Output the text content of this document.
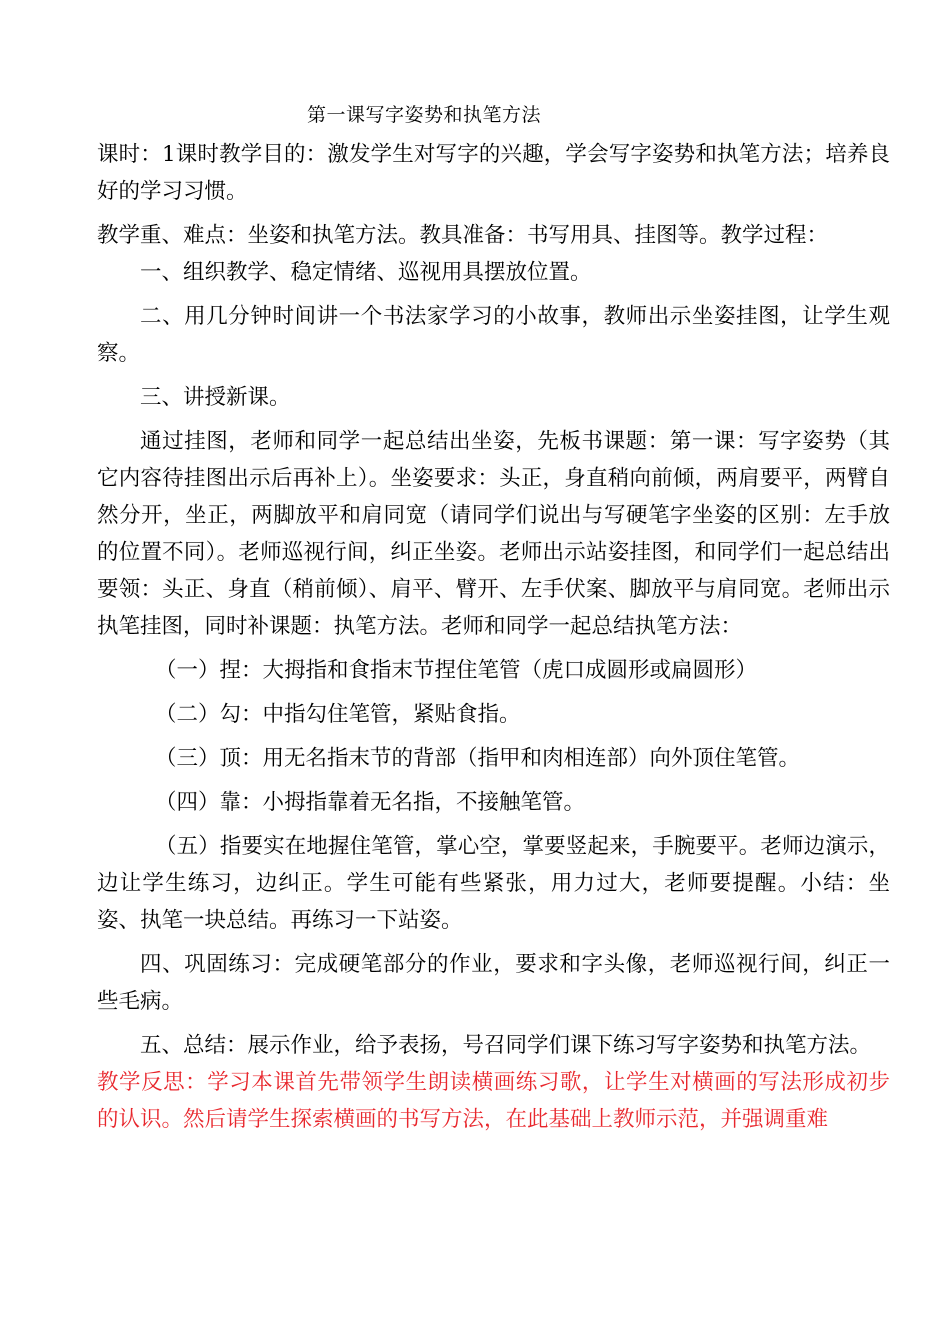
第一课写字姿势和执笔方法

课时：1课时教学目的：激发学生对写字的兴趣，学会写字姿势和执笔方法；培养良好的学习习惯。

教学重、难点：坐姿和执笔方法。教具准备：书写用具、挂图等。教学过程：

一、组织教学、稳定情绪、巡视用具摆放位置。

二、用几分钟时间讲一个书法家学习的小故事，教师出示坐姿挂图，让学生观察。

三、讲授新课。

通过挂图，老师和同学一起总结出坐姿，先板书课题：第一课：写字姿势（其它内容待挂图出示后再补上）。坐姿要求：头正，身直稍向前倾，两肩要平，两臂自然分开，坐正，两脚放平和肩同宽（请同学们说出与写硬笔字坐姿的区别：左手放的位置不同）。老师巡视行间，纠正坐姿。老师出示站姿挂图，和同学们一起总结出要领：头正、身直（稍前倾）、肩平、臂开、左手伏案、脚放平与肩同宽。老师出示执笔挂图，同时补课题：执笔方法。老师和同学一起总结执笔方法：

（一）捏：大拇指和食指末节捏住笔管（虎口成圆形或扁圆形）

（二）勾：中指勾住笔管，紧贴食指。

（三）顶：用无名指末节的背部（指甲和肉相连部）向外顶住笔管。

（四）靠：小拇指靠着无名指，不接触笔管。

（五）指要实在地握住笔管，掌心空，掌要竖起来，手腕要平。老师边演示，边让学生练习，边纠正。学生可能有些紧张，用力过大，老师要提醒。小结：坐姿、执笔一块总结。再练习一下站姿。

四、巩固练习：完成硬笔部分的作业，要求和字头像，老师巡视行间，纠正一些毛病。

五、总结：展示作业，给予表扬，号召同学们课下练习写字姿势和执笔方法。

教学反思：学习本课首先带领学生朗读横画练习歌，让学生对横画的写法形成初步的认识。然后请学生探索横画的书写方法，在此基础上教师示范，并强调重难
